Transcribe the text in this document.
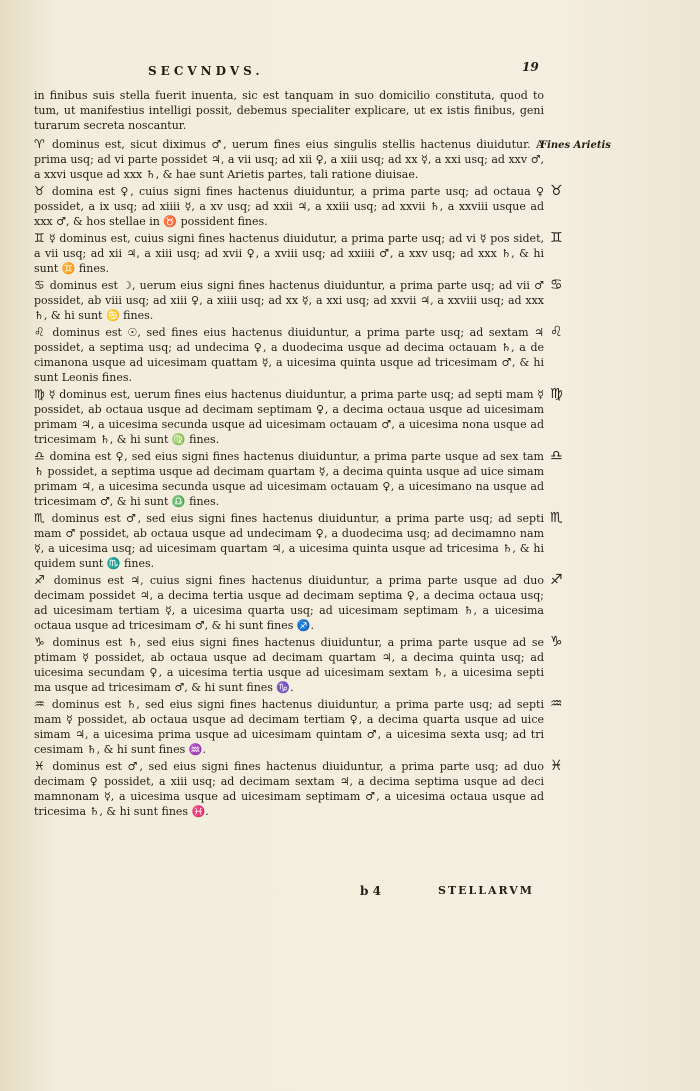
SECVNDVS.	19

in finibus suis stella fuerit inuenta, sic est tanquam in suo domicilio constituta, quod to tum, ut manifestius intelligi possit, debemus specialiter explicare, ut ex istis finibus, geni turarum secreta noscantur.

♈ dominus est, sicut diximus ♂, uerum fines eius singulis stellis hactenus diuidutur. A prima usq; ad vi parte possidet ♃, a vii usq; ad xii ♀, a xiii usq; ad xx ☿, a xxi usq; ad xxv ♂, a xxvi usque ad xxx ♄, & hae sunt Arietis partes, tali ratione diuisae.
Fines Arietis

♉ domina est ♀, cuius signi fines hactenus diuiduntur, a prima parte usq; ad octaua ♀ possidet, a ix usq; ad xiiii ☿, a xv usq; ad xxii ♃, a xxiii usq; ad xxvii ♄, a xxviii usque ad xxx ♂, & hos stellae in ♉ possident fines.
♉

♊ ☿ dominus est, cuius signi fines hactenus diuidutur, a prima parte usq; ad vi ☿ pos sidet, a vii usq; ad xii ♃, a xiii usq; ad xvii ♀, a xviii usq; ad xxiiii ♂, a xxv usq; ad xxx ♄, & hi sunt ♊ fines.
♊

♋ dominus est ☽, uerum eius signi fines hactenus diuiduntur, a prima parte usq; ad vii ♂ possidet, ab viii usq; ad xiii ♀, a xiiii usq; ad xx ☿, a xxi usq; ad xxvii ♃, a xxviii usq; ad xxx ♄, & hi sunt ♋ fines.
♋

♌ dominus est ☉, sed fines eius hactenus diuiduntur, a prima parte usq; ad sextam ♃ possidet, a septima usq; ad undecima ♀, a duodecima usque ad decima octauam ♄, a de cimanona usque ad uicesimam quattam ☿, a uicesima quinta usque ad tricesimam ♂, & hi sunt Leonis fines.
♌

♍ ☿ dominus est, uerum fines eius hactenus diuiduntur, a prima parte usq; ad septi mam ☿ possidet, ab octaua usque ad decimam septimam ♀, a decima octaua usque ad uicesimam primam ♃, a uicesima secunda usque ad uicesimam octauam ♂, a uicesima nona usque ad tricesimam ♄, & hi sunt ♍ fines.
♍

♎ domina est ♀, sed eius signi fines hactenus diuiduntur, a prima parte usque ad sex tam ♄ possidet, a septima usque ad decimam quartam ☿, a decima quinta usque ad uice simam primam ♃, a uicesima secunda usque ad uicesimam octauam ♀, a uicesimano na usque ad tricesimam ♂, & hi sunt ♎ fines.
♎

♏ dominus est ♂, sed eius signi fines hactenus diuiduntur, a prima parte usq; ad septi mam ♂ possidet, ab octaua usque ad undecimam ♀, a duodecima usq; ad decimamno nam ☿, a uicesima usq; ad uicesimam quartam ♃, a uicesima quinta usque ad tricesima ♄, & hi quidem sunt ♏ fines.
♏

♐ dominus est ♃, cuius signi fines hactenus diuiduntur, a prima parte usque ad duo decimam possidet ♃, a decima tertia usque ad decimam septima ♀, a decima octaua usq; ad uicesimam tertiam ☿, a uicesima quarta usq; ad uicesimam septimam ♄, a uicesima octaua usque ad tricesimam ♂, & hi sunt fines ♐.
♐

♑ dominus est ♄, sed eius signi fines hactenus diuiduntur, a prima parte usque ad se ptimam ☿ possidet, ab octaua usque ad decimam quartam ♃, a decima quinta usq; ad uicesima secundam ♀, a uicesima tertia usque ad uicesimam sextam ♄, a uicesima septi ma usque ad tricesimam ♂, & hi sunt fines ♑.
♑

♒ dominus est ♄, sed eius signi fines hactenus diuiduntur, a prima parte usq; ad septi mam ☿ possidet, ab octaua usque ad decimam tertiam ♀, a decima quarta usque ad uice simam ♃, a uicesima prima usque ad uicesimam quintam ♂, a uicesima sexta usq; ad tri cesimam ♄, & hi sunt fines ♒.
♒

♓ dominus est ♂, sed eius signi fines hactenus diuiduntur, a prima parte usq; ad duo decimam ♀ possidet, a xiii usq; ad decimam sextam ♃, a decima septima usque ad deci mamnonam ☿, a uicesima usque ad uicesimam septimam ♂, a uicesima octaua usque ad tricesima ♄, & hi sunt fines ♓.
♓

b 4	STELLARVM
